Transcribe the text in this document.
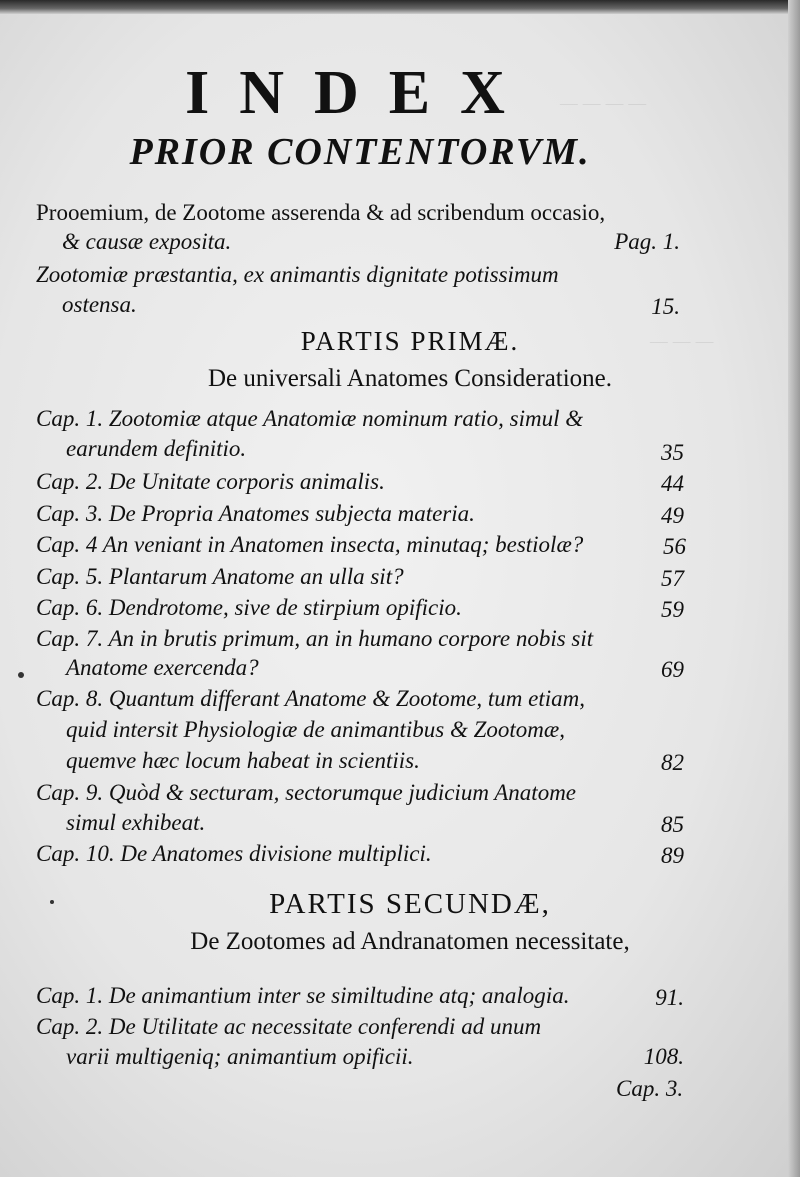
— — — —
— — —
INDEX
PRIOR CONTENTORVM.
Prooemium, de Zootome asserenda & ad scribendum occasio,
& causæ exposita.	Pag. 1.
Zootomiæ præstantia, ex animantis dignitate potissimum
ostensa.	15.
PARTIS PRIMÆ.
De universali Anatomes Consideratione.
Cap. 1. Zootomiæ atque Anatomiæ nominum ratio, simul &
earundem definitio.	35
Cap. 2. De Unitate corporis animalis.	44
Cap. 3. De Propria Anatomes subjecta materia.	49
Cap. 4 An veniant in Anatomen insecta, minutaq; bestiolæ?	56
Cap. 5. Plantarum Anatome an ulla sit?	57
Cap. 6. Dendrotome, sive de stirpium opificio.	59
Cap. 7. An in brutis primum, an in humano corpore nobis sit
Anatome exercenda?	69
Cap. 8. Quantum differant Anatome & Zootome, tum etiam,
quid intersit Physiologiæ de animantibus & Zootomæ,
quemve hæc locum habeat in scientiis.	82
Cap. 9. Quòd & secturam, sectorumque judicium Anatome
simul exhibeat.	85
Cap. 10. De Anatomes divisione multiplici.	89
PARTIS SECUNDÆ,
De Zootomes ad Andranatomen necessitate,
Cap. 1. De animantium inter se similtudine atq; analogia.	91.
Cap. 2. De Utilitate ac necessitate conferendi ad unum
varii multigeniq; animantium opificii.	108.
Cap. 3.
